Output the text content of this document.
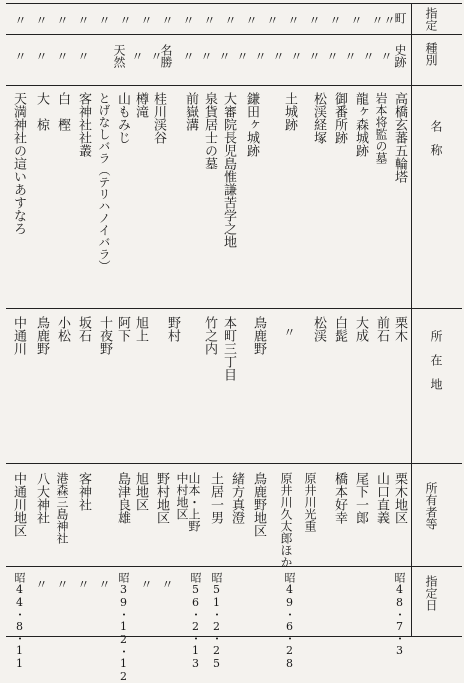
指定
種別
名　称
所　在　地
所有者等
指定日
〃 〃 〃 〃 〃 〃 〃 〃 〃 〃 〃 〃 〃 〃 〃 〃 〃 〃
〃
町
〃 〃 〃 〃 天然 〃 〃
名勝 〃 〃 〃 〃 〃 〃 〃 〃 〃 〃 〃 〃 史跡
天満神社の這いあすなろ 大　椋 白　樫 客神社社叢 とげなしバラ（テリハノイバラ） 山もみじ 樽滝 桂川渓谷 前嶽溝 泉貨居士の墓 大審院長児島惟謙苦学之地 鎌田ヶ城跡 土城跡 松渓経塚 御番所跡 龍ヶ森城跡 岩本将監の墓 高橋玄蕃五輪塔
中通川 鳥鹿野 小松 坂石 十夜野 阿下 旭上 野村 竹之内 本町三丁目 鳥鹿野 〃 松渓 白髭 大成 前石 栗木
中通川地区 八大神社 港森三島神社 客神社 島津良雄 旭地区 野村地区 中村地区
山本・上野 土居一男 緒方真澄 鳥鹿野地区 原井川久太郎ほか 原井川光重 橋本好幸 尾下一郎 山口直義 栗木地区
昭44・8・11 〃 〃 〃 〃 昭39・12・12 〃 〃 昭56・2・13 昭51・2・25	昭49・6・28	昭48・7・3
